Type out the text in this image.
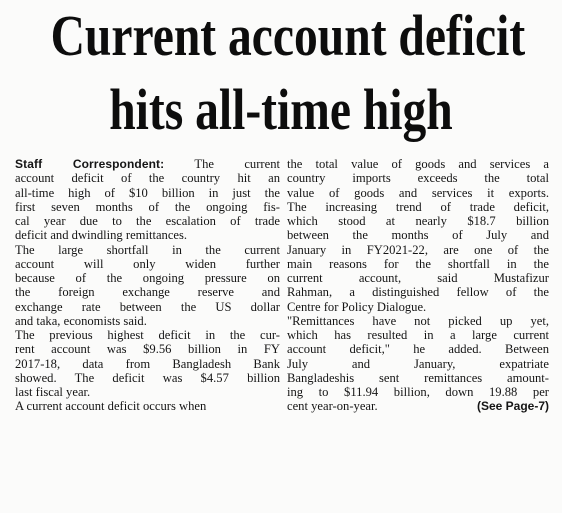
Current account deficit
hits all-time high
Staff Correspondent: The current
account deficit of the country hit an
all-time high of $10 billion in just the
first seven months of the ongoing fis-
cal year due to the escalation of trade
deficit and dwindling remittances.
The large shortfall in the current
account will only widen further
because of the ongoing pressure on
the foreign exchange reserve and
exchange rate between the US dollar
and taka, economists said.
The previous highest deficit in the cur-
rent account was $9.56 billion in FY
2017-18, data from Bangladesh Bank
showed. The deficit was $4.57 billion
last fiscal year.
A current account deficit occurs when
the total value of goods and services a
country imports exceeds the total
value of goods and services it exports.
The increasing trend of trade deficit,
which stood at nearly $18.7 billion
between the months of July and
January in FY2021-22, are one of the
main reasons for the shortfall in the
current account, said Mustafizur
Rahman, a distinguished fellow of the
Centre for Policy Dialogue.
"Remittances have not picked up yet,
which has resulted in a large current
account deficit," he added. Between
July and January, expatriate
Bangladeshis sent remittances amount-
ing to $11.94 billion, down 19.88 per
cent year-on-year.	(See Page-7)
